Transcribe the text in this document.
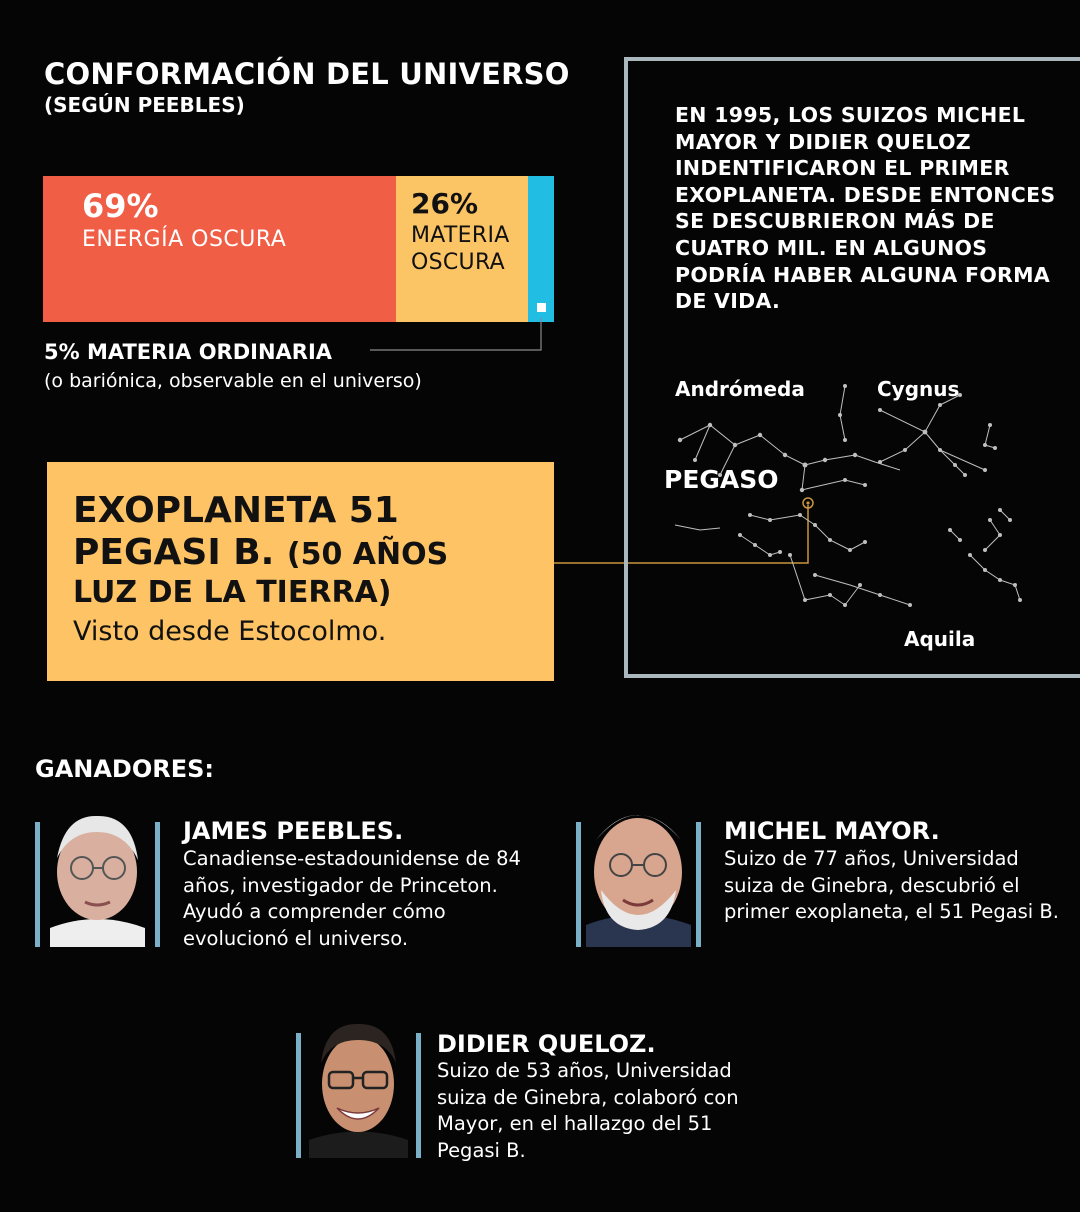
CONFORMACIÓN DEL UNIVERSO
(SEGÚN PEEBLES)
69%
ENERGÍA OSCURA
26%
MATERIA OSCURA
5% MATERIA ORDINARIA
(o bariónica, observable en el universo)
EXOPLANETA 51
PEGASI B. (50 AÑOS
LUZ DE LA TIERRA)
Visto desde Estocolmo.
EN 1995, LOS SUIZOS MICHEL MAYOR Y DIDIER QUELOZ INDENTIFICARON EL PRIMER EXOPLANETA. DESDE ENTONCES SE DESCUBRIERON MÁS DE CUATRO MIL. EN ALGUNOS PODRÍA HABER ALGUNA FORMA DE VIDA.
Andrómeda	Cygnus
PEGASO
Aquila
GANADORES:
JAMES PEEBLES.
Canadiense-estadounidense de 84 años, investigador de Princeton. Ayudó a comprender cómo evolucionó el universo.
MICHEL MAYOR.
Suizo de 77 años, Universidad suiza de Ginebra, descubrió el primer exoplaneta, el 51 Pegasi B.
DIDIER QUELOZ.
Suizo de 53 años, Universidad suiza de Ginebra, colaboró con Mayor, en el hallazgo del 51 Pegasi B.
